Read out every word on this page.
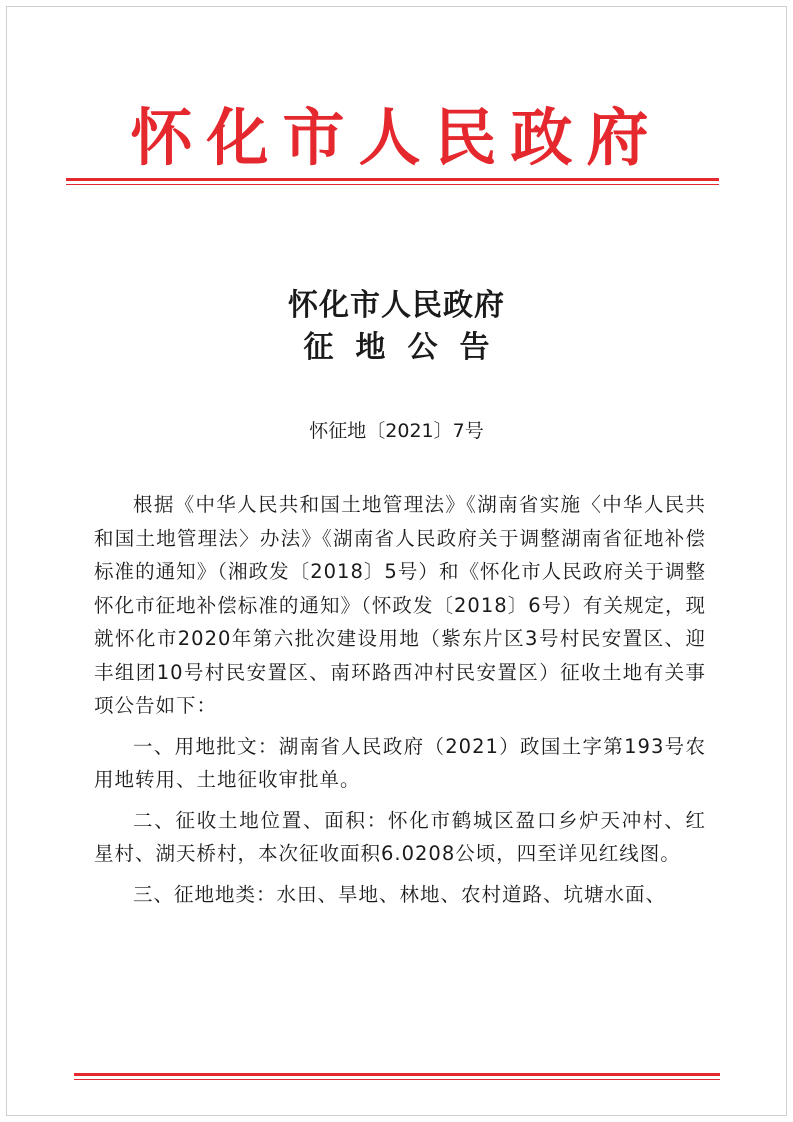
怀化市人民政府
怀化市人民政府
征地公告
怀征地〔2021〕7号

根据《中华人民共和国土地管理法》《湖南省实施〈中华人民共和国土地管理法〉办法》《湖南省人民政府关于调整湖南省征地补偿标准的通知》（湘政发〔2018〕5号）和《怀化市人民政府关于调整怀化市征地补偿标准的通知》（怀政发〔2018〕6号）有关规定，现就怀化市2020年第六批次建设用地（紫东片区3号村民安置区、迎丰组团10号村民安置区、南环路西冲村民安置区）征收土地有关事项公告如下：

一、用地批文：湖南省人民政府（2021）政国土字第193号农用地转用、土地征收审批单。

二、征收土地位置、面积：怀化市鹤城区盈口乡炉天冲村、红星村、湖天桥村，本次征收面积6.0208公顷，四至详见红线图。

三、征地地类：水田、旱地、林地、农村道路、坑塘水面、
